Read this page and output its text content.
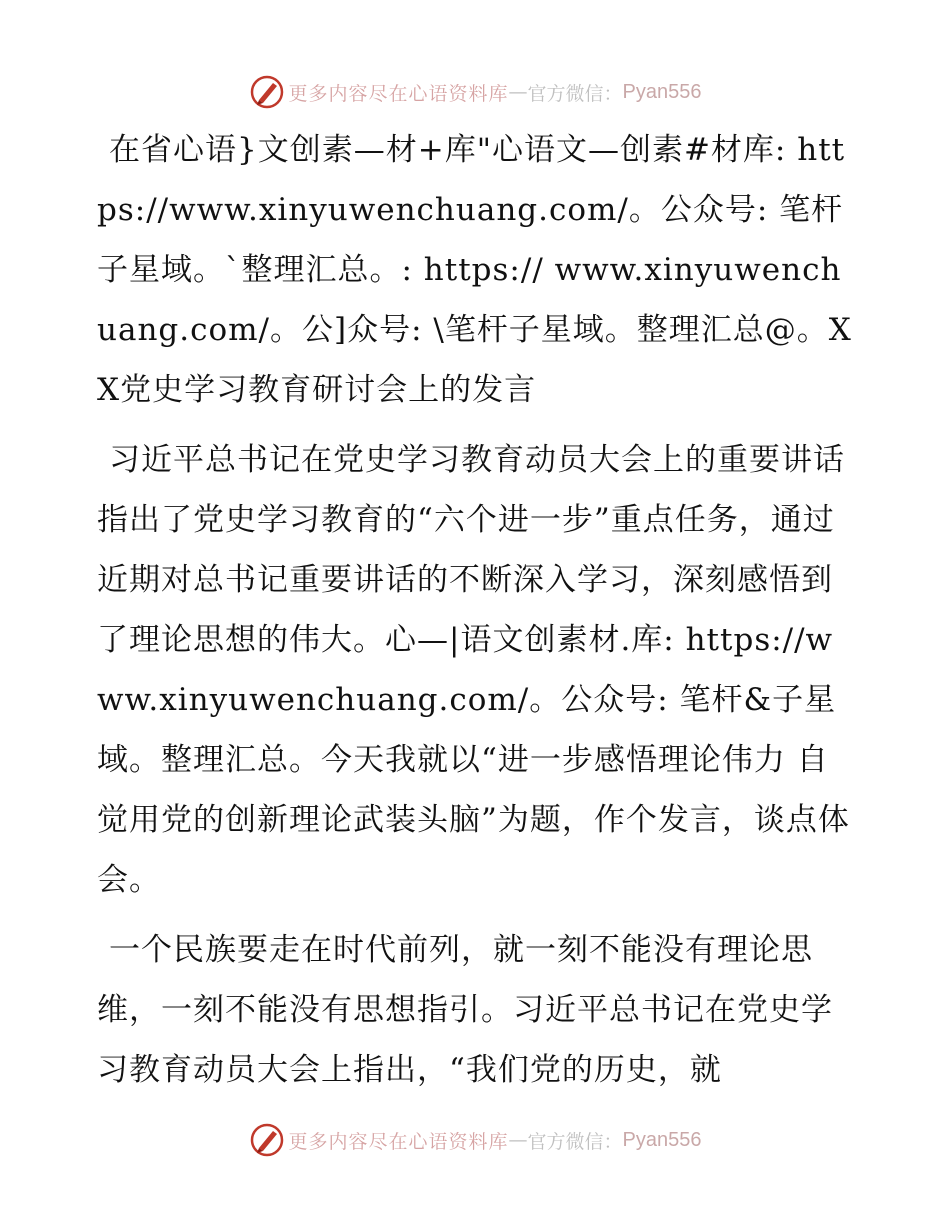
更多内容尽在心语资料库 — 官方微信： Pyan556

在省心语}文创素—材+库"心语文—创素#材库: https://www.xinyuwenchuang.com/。公众号: 笔杆子星域。`整理汇总。: https:// www.xinyuwenchuang.com/。公]众号: \笔杆子星域。整理汇总@。XX党史学习教育研讨会上的发言

习近平总书记在党史学习教育动员大会上的重要讲话指出了党史学习教育的“六个进一步”重点任务，通过近期对总书记重要讲话的不断深入学习，深刻感悟到了理论思想的伟大。心—|语文创素材.库: https://www.xinyuwenchuang.com/。公众号: 笔杆&子星域。整理汇总。今天我就以“进一步感悟理论伟力 自觉用党的创新理论武装头脑”为题，作个发言，谈点体会。

一个民族要走在时代前列，就一刻不能没有理论思维，一刻不能没有思想指引。习近平总书记在党史学习教育动员大会上指出，“我们党的历史，就

更多内容尽在心语资料库 — 官方微信： Pyan556
